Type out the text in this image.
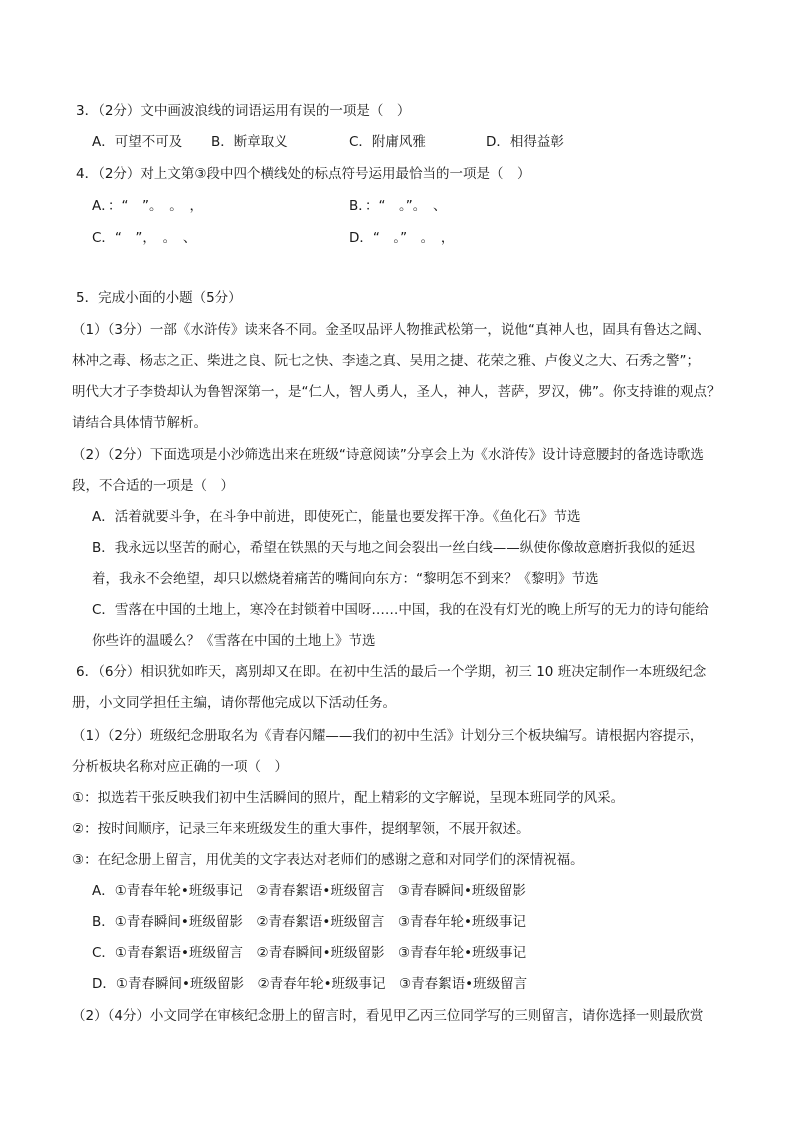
3．（2分）文中画波浪线的词语运用有误的一项是（　）
A．可望不可及 B．断章取义	C．附庸风雅	D．相得益彰
4．（2分）对上文第③段中四个横线处的标点符号运用最恰当的一项是（　）
A．：“　”。　。　，	B．：“　。”。　、
C．“　”，　。　、	D．“　。”　。　，
5．完成小面的小题（5分）
（1）（3分）一部《水浒传》读来各不同。金圣叹品评人物推武松第一，说他“真神人也，固具有鲁达之阔、
林冲之毒、杨志之正、柴进之良、阮七之快、李逵之真、吴用之捷、花荣之雅、卢俊义之大、石秀之警”；
明代大才子李贽却认为鲁智深第一，是“仁人，智人勇人，圣人，神人，菩萨，罗汉，佛”。你支持谁的观点？
请结合具体情节解析。
（2）（2分）下面选项是小沙筛选出来在班级“诗意阅读”分享会上为《水浒传》设计诗意腰封的备选诗歌选
段，不合适的一项是（　）
A．活着就要斗争，在斗争中前进，即使死亡，能量也要发挥干净。《鱼化石》节选
B．我永远以坚苦的耐心，希望在铁黑的天与地之间会裂出一丝白线——纵使你像故意磨折我似的延迟
着，我永不会绝望，却只以燃烧着痛苦的嘴间向东方：“黎明怎不到来？《黎明》节选
C．雪落在中国的土地上，寒冷在封锁着中国呀……中国，我的在没有灯光的晚上所写的无力的诗句能给
你些许的温暖么？《雪落在中国的土地上》节选
6．（6分）相识犹如昨天，离别却又在即。在初中生活的最后一个学期，初三 10 班决定制作一本班级纪念
册，小文同学担任主编，请你帮他完成以下活动任务。
（1）（2分）班级纪念册取名为《青春闪耀——我们的初中生活》计划分三个板块编写。请根据内容提示，
分析板块名称对应正确的一项（　）
①：拟选若干张反映我们初中生活瞬间的照片，配上精彩的文字解说，呈现本班同学的风采。
②：按时间顺序，记录三年来班级发生的重大事件，提纲挈领，不展开叙述。
③：在纪念册上留言，用优美的文字表达对老师们的感谢之意和对同学们的深情祝福。
A．①青春年轮•班级事记　②青春絮语•班级留言　③青春瞬间•班级留影
B．①青春瞬间•班级留影　②青春絮语•班级留言　③青春年轮•班级事记
C．①青春絮语•班级留言　②青春瞬间•班级留影　③青春年轮•班级事记
D．①青春瞬间•班级留影　②青春年轮•班级事记　③青春絮语•班级留言
（2）（4分）小文同学在审核纪念册上的留言时，看见甲乙丙三位同学写的三则留言，请你选择一则最欣赏
